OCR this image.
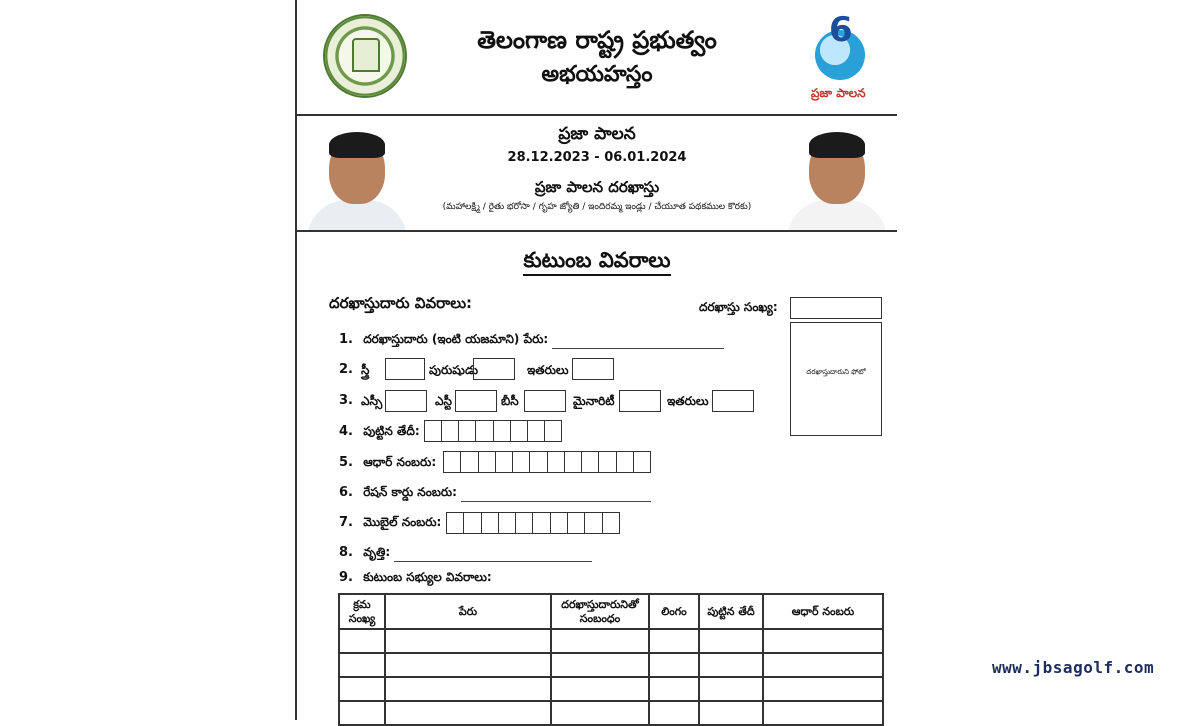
తెలంగాణ రాష్ట్ర ప్రభుత్వం
అభయహస్తం
6
ప్రజా పాలన
ప్రజా పాలన
28.12.2023 - 06.01.2024
ప్రజా పాలన దరఖాస్తు
(మహాలక్ష్మి / రైతు భరోసా / గృహ జ్యోతి / ఇందిరమ్మ ఇండ్లు / చేయూత పథకముల కొరకు)
కుటుంబ వివరాలు
దరఖాస్తుదారు వివరాలు:	దరఖాస్తు సంఖ్య:
దరఖాస్తుదారుని ఫోటో
1. దరఖాస్తుదారు (ఇంటి యజమాని) పేరు:
2. స్త్రీ	పురుషుడు	ఇతరులు
3. ఎస్సీ	ఎస్టీ	బీసీ	మైనారిటీ	ఇతరులు
4. పుట్టిన తేదీ:
5. ఆధార్ నంబరు:
6. రేషన్ కార్డు నంబరు:
7. మొబైల్ నంబరు:
8. వృత్తి:
9. కుటుంబ సభ్యుల వివరాలు:
క్రమ సంఖ్య	పేరు	దరఖాస్తుదారునితో సంబంధం	లింగం	పుట్టిన తేదీ	ఆధార్ నంబరు

www.jbsagolf.com
